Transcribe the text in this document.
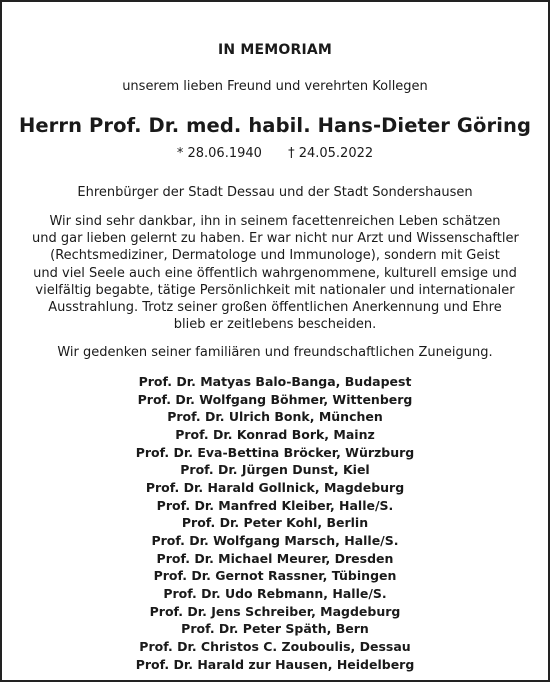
IN MEMORIAM
unserem lieben Freund und verehrten Kollegen
Herrn Prof. Dr. med. habil. Hans-Dieter Göring
* 28.06.1940 † 24.05.2022
Ehrenbürger der Stadt Dessau und der Stadt Sondershausen
Wir sind sehr dankbar, ihn in seinem facettenreichen Leben schätzen
und gar lieben gelernt zu haben. Er war nicht nur Arzt und Wissenschaftler
(Rechtsmediziner, Dermatologe und Immunologe), sondern mit Geist
und viel Seele auch eine öffentlich wahrgenommene, kulturell emsige und
vielfältig begabte, tätige Persönlichkeit mit nationaler und internationaler
Ausstrahlung. Trotz seiner großen öffentlichen Anerkennung und Ehre
blieb er zeitlebens bescheiden.
Wir gedenken seiner familiären und freundschaftlichen Zuneigung.
Prof. Dr. Matyas Balo-Banga, Budapest
Prof. Dr. Wolfgang Böhmer, Wittenberg
Prof. Dr. Ulrich Bonk, München
Prof. Dr. Konrad Bork, Mainz
Prof. Dr. Eva-Bettina Bröcker, Würzburg
Prof. Dr. Jürgen Dunst, Kiel
Prof. Dr. Harald Gollnick, Magdeburg
Prof. Dr. Manfred Kleiber, Halle/S.
Prof. Dr. Peter Kohl, Berlin
Prof. Dr. Wolfgang Marsch, Halle/S.
Prof. Dr. Michael Meurer, Dresden
Prof. Dr. Gernot Rassner, Tübingen
Prof. Dr. Udo Rebmann, Halle/S.
Prof. Dr. Jens Schreiber, Magdeburg
Prof. Dr. Peter Späth, Bern
Prof. Dr. Christos C. Zouboulis, Dessau
Prof. Dr. Harald zur Hausen, Heidelberg
